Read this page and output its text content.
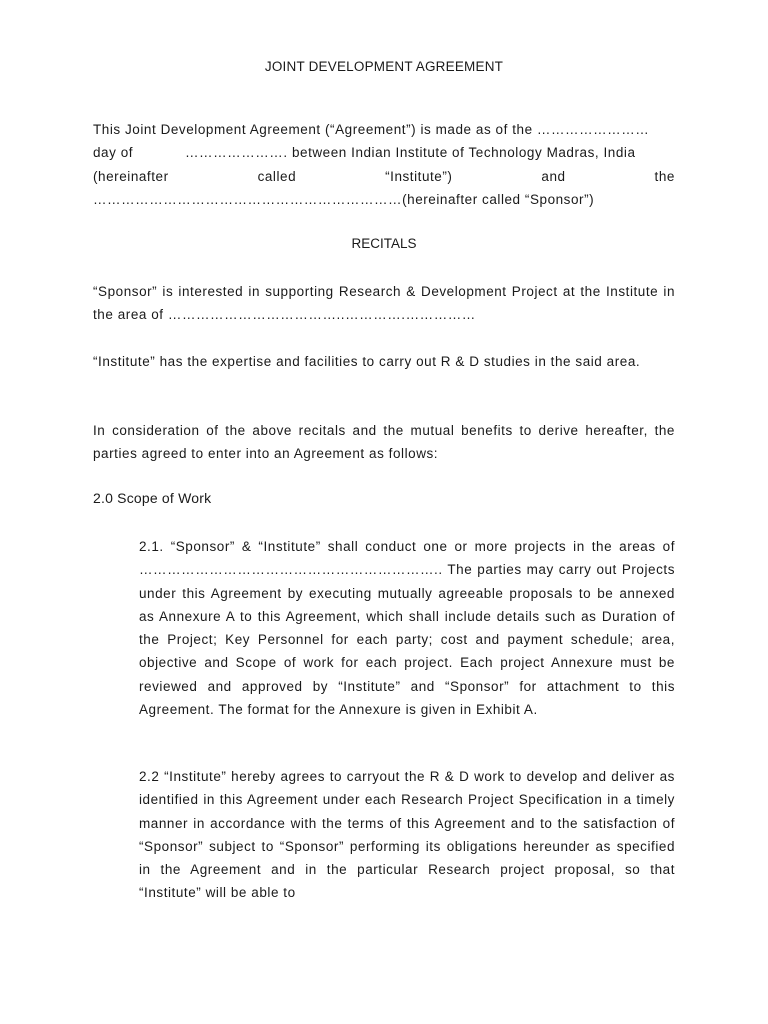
JOINT DEVELOPMENT AGREEMENT
This Joint Development Agreement (“Agreement”) is made as of the ……………………
day of	…………………. between Indian Institute of Technology Madras, India
(hereinafter	called	“Institute”)	and	the
…………………………………………………………(hereinafter called “Sponsor”)
RECITALS

“Sponsor” is interested in supporting Research & Development Project at the Institute in the area of ………………………………..………….……………

“Institute” has the expertise and facilities to carry out R & D studies in the said area.

In consideration of the above recitals and the mutual benefits to derive hereafter, the parties agreed to enter into an Agreement as follows:

2.0 Scope of Work

2.1. “Sponsor” & “Institute” shall conduct one or more projects in the areas of ……………………………………………………….. The parties may carry out Projects under this Agreement by executing mutually agreeable proposals to be annexed as Annexure A to this Agreement, which shall include details such as Duration of the Project; Key Personnel for each party; cost and payment schedule; area, objective and Scope of work for each project. Each project Annexure must be reviewed and approved by “Institute” and “Sponsor” for attachment to this Agreement. The format for the Annexure is given in Exhibit A.

2.2 “Institute” hereby agrees to carryout the R & D work to develop and deliver as identified in this Agreement under each Research Project Specification in a timely manner in accordance with the terms of this Agreement and to the satisfaction of “Sponsor” subject to “Sponsor” performing its obligations hereunder as specified in the Agreement and in the particular Research project proposal, so that “Institute” will be able to
